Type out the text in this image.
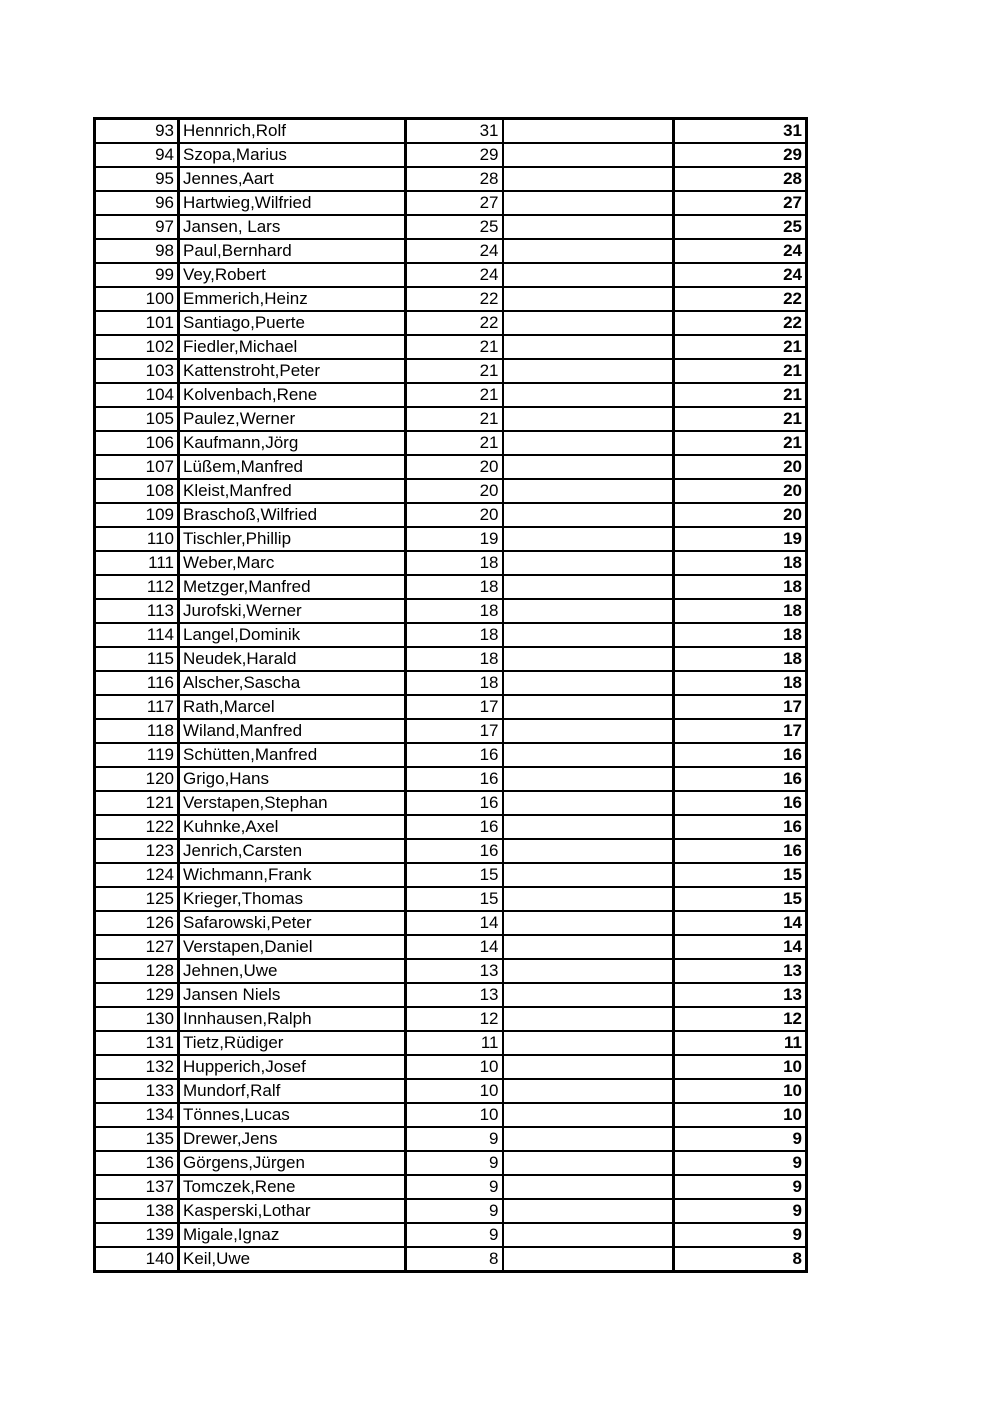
93	Hennrich,Rolf	31		31
94	Szopa,Marius	29		29
95	Jennes,Aart	28		28
96	Hartwieg,Wilfried	27		27
97	Jansen, Lars	25		25
98	Paul,Bernhard	24		24
99	Vey,Robert	24		24
100	Emmerich,Heinz	22		22
101	Santiago,Puerte	22		22
102	Fiedler,Michael	21		21
103	Kattenstroht,Peter	21		21
104	Kolvenbach,Rene	21		21
105	Paulez,Werner	21		21
106	Kaufmann,Jörg	21		21
107	Lüßem,Manfred	20		20
108	Kleist,Manfred	20		20
109	Braschoß,Wilfried	20		20
110	Tischler,Phillip	19		19
111	Weber,Marc	18		18
112	Metzger,Manfred	18		18
113	Jurofski,Werner	18		18
114	Langel,Dominik	18		18
115	Neudek,Harald	18		18
116	Alscher,Sascha	18		18
117	Rath,Marcel	17		17
118	Wiland,Manfred	17		17
119	Schütten,Manfred	16		16
120	Grigo,Hans	16		16
121	Verstapen,Stephan	16		16
122	Kuhnke,Axel	16		16
123	Jenrich,Carsten	16		16
124	Wichmann,Frank	15		15
125	Krieger,Thomas	15		15
126	Safarowski,Peter	14		14
127	Verstapen,Daniel	14		14
128	Jehnen,Uwe	13		13
129	Jansen Niels	13		13
130	Innhausen,Ralph	12		12
131	Tietz,Rüdiger	11		11
132	Hupperich,Josef	10		10
133	Mundorf,Ralf	10		10
134	Tönnes,Lucas	10		10
135	Drewer,Jens	9		9
136	Görgens,Jürgen	9		9
137	Tomczek,Rene	9		9
138	Kasperski,Lothar	9		9
139	Migale,Ignaz	9		9
140	Keil,Uwe	8		8
